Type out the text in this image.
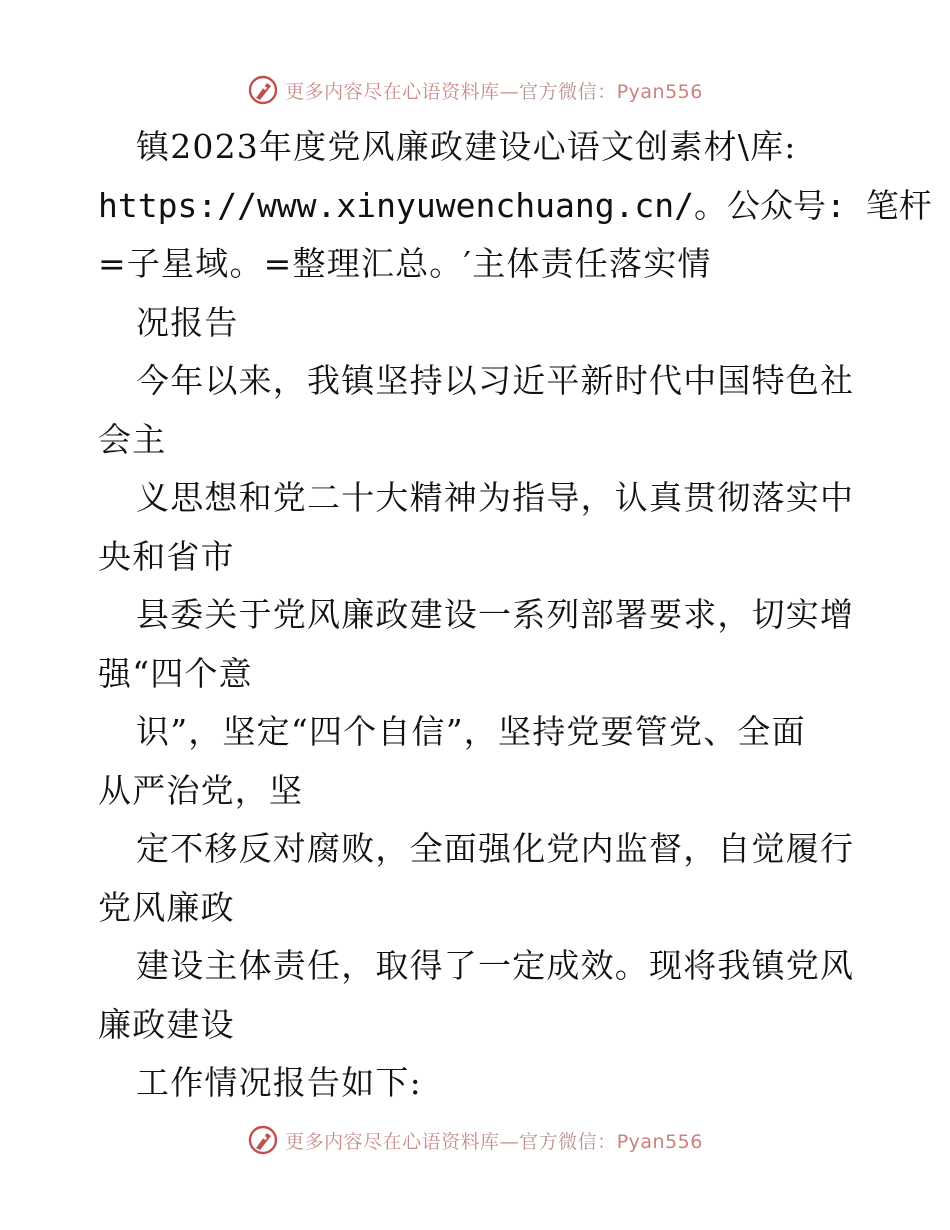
更多内容尽在心语资料库—官方微信：Pyan556
镇2023年度党风廉政建设心语文创素材\库:
https://www.xinyuwenchuang.cn/。公众号: 笔杆
=子星域。=整理汇总。′主体责任落实情
况报告
今年以来，我镇坚持以习近平新时代中国特色社
会主
义思想和党二十大精神为指导，认真贯彻落实中
央和省市
县委关于党风廉政建设一系列部署要求，切实增
强“四个意
识”，坚定“四个自信”，坚持党要管党、全面
从严治党，坚
定不移反对腐败，全面强化党内监督，自觉履行
党风廉政
建设主体责任，取得了一定成效。现将我镇党风
廉政建设
工作情况报告如下:
更多内容尽在心语资料库—官方微信：Pyan556
